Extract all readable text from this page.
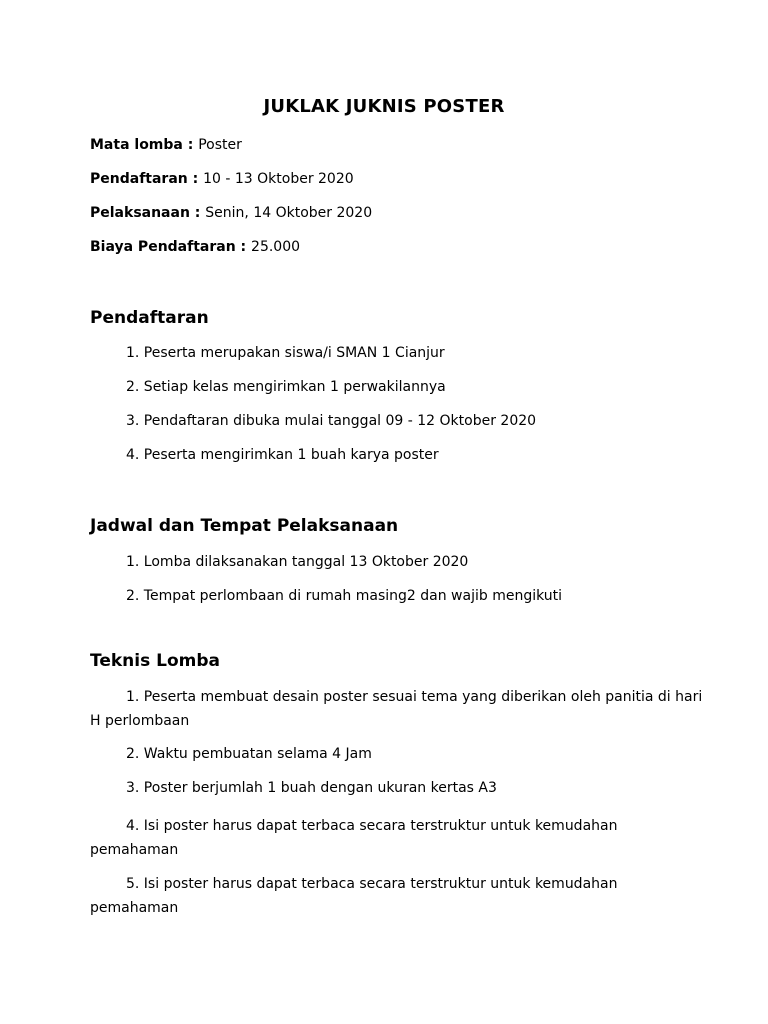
JUKLAK JUKNIS POSTER
Mata lomba : Poster
Pendaftaran : 10 - 13 Oktober 2020
Pelaksanaan : Senin, 14 Oktober 2020
Biaya Pendaftaran : 25.000
Pendaftaran
1. Peserta merupakan siswa/i SMAN 1 Cianjur
2. Setiap kelas mengirimkan 1 perwakilannya
3. Pendaftaran dibuka mulai tanggal 09 - 12 Oktober 2020
4. Peserta mengirimkan 1 buah karya poster
Jadwal dan Tempat Pelaksanaan
1. Lomba dilaksanakan tanggal 13 Oktober 2020
2. Tempat perlombaan di rumah masing2 dan wajib mengikuti
Teknis Lomba
1. Peserta membuat desain poster sesuai tema yang diberikan oleh panitia di hari H perlombaan
2. Waktu pembuatan selama 4 Jam
3. Poster berjumlah 1 buah dengan ukuran kertas A3
4. Isi poster harus dapat terbaca secara terstruktur untuk kemudahan pemahaman
5. Isi poster harus dapat terbaca secara terstruktur untuk kemudahan pemahaman
